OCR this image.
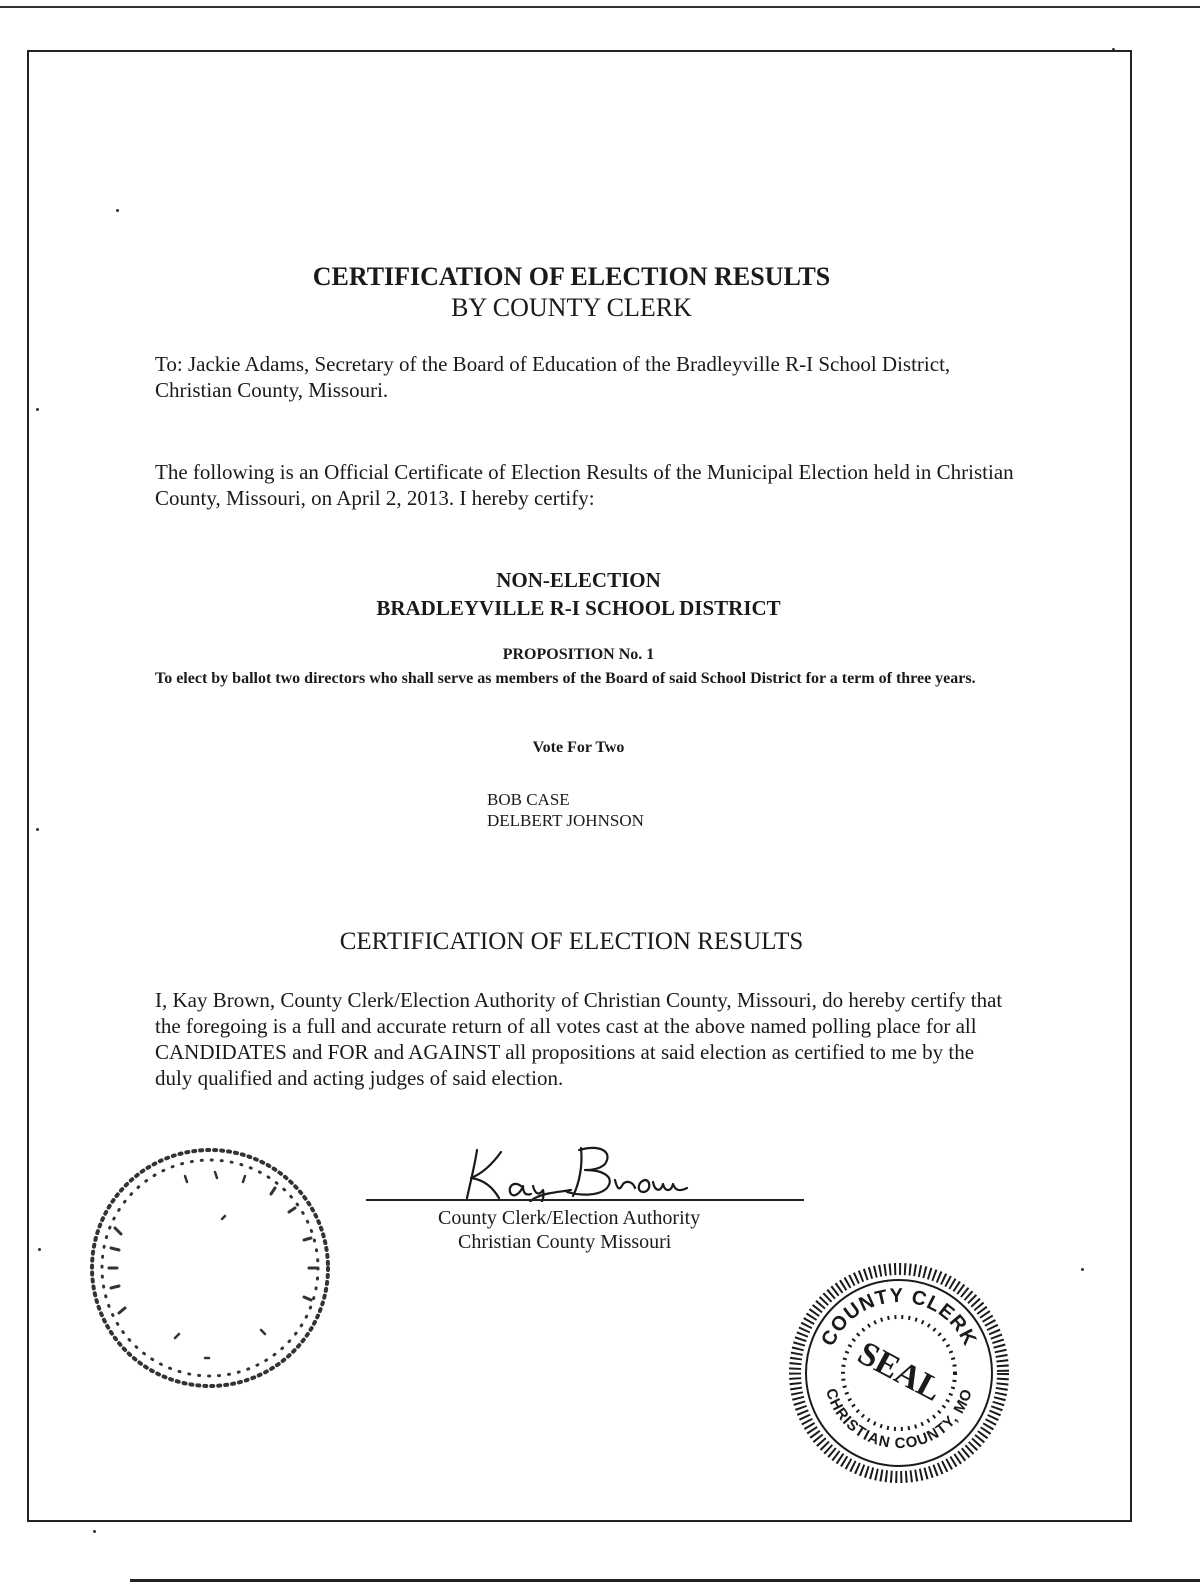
CERTIFICATION OF ELECTION RESULTS
BY COUNTY CLERK
To: Jackie Adams, Secretary of the Board of Education of the Bradleyville R-I School District, Christian County, Missouri.
The following is an Official Certificate of Election Results of the Municipal Election held in Christian County, Missouri, on April 2, 2013. I hereby certify:
NON-ELECTION
BRADLEYVILLE R-I SCHOOL DISTRICT
PROPOSITION No. 1
To elect by ballot two directors who shall serve as members of the Board of said School District for a term of three years.
Vote For Two
BOB CASE
DELBERT JOHNSON
CERTIFICATION OF ELECTION RESULTS
I, Kay Brown, County Clerk/Election Authority of Christian County, Missouri, do hereby certify that the foregoing is a full and accurate return of all votes cast at the above named polling place for all CANDIDATES and FOR and AGAINST all propositions at said election as certified to me by the duly qualified and acting judges of said election.
County Clerk/Election Authority
Christian County Missouri
COUNTY CLERK
CHRISTIAN COUNTY, MO
SEAL
